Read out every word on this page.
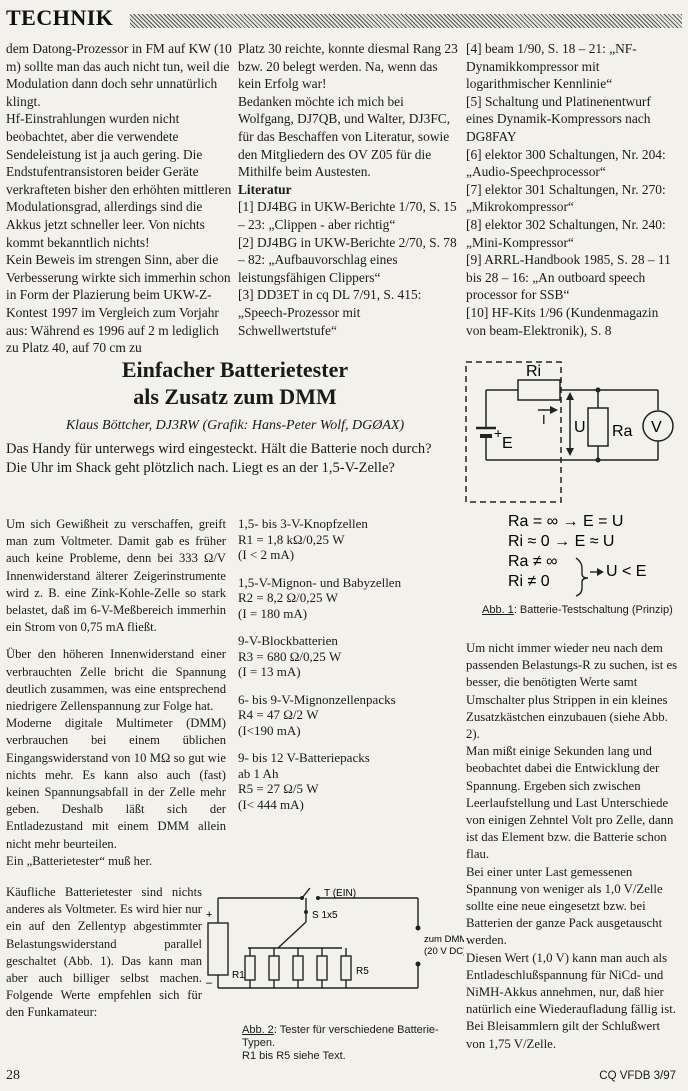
TECHNIK

dem Datong-Prozessor in FM auf KW (10 m) sollte man das auch nicht tun, weil die Modulation dann doch sehr unnatürlich klingt.

Hf-Einstrahlungen wurden nicht beobachtet, aber die verwendete Sendeleistung ist ja auch gering. Die Endstufentransistoren beider Geräte verkrafteten bisher den erhöhten mittleren Modulationsgrad, allerdings sind die Akkus jetzt schneller leer. Von nichts kommt bekanntlich nichts!

Kein Beweis im strengen Sinn, aber die Verbesserung wirkte sich immerhin schon in Form der Plazierung beim UKW-Z-Kontest 1997 im Vergleich zum Vorjahr aus: Während es 1996 auf 2 m lediglich zu Platz 40, auf 70 cm zu

Platz 30 reichte, konnte diesmal Rang 23 bzw. 20 belegt werden. Na, wenn das kein Erfolg war!

Bedanken möchte ich mich bei Wolfgang, DJ7QB, und Walter, DJ3FC, für das Beschaffen von Literatur, sowie den Mitgliedern des OV Z05 für die Mithilfe beim Austesten.

Literatur

[1] DJ4BG in UKW-Berichte 1/70, S. 15 – 23: „Clippen - aber richtig“

[2] DJ4BG in UKW-Berichte 2/70, S. 78 – 82: „Aufbauvorschlag eines leistungsfähigen Clippers“

[3] DD3ET in cq DL 7/91, S. 415: „Speech-Prozessor mit Schwellwertstufe“

[4] beam 1/90, S. 18 – 21: „NF-Dynamikkompressor mit logarithmischer Kennlinie“

[5] Schaltung und Platinenentwurf eines Dynamik-Kompressors nach DG8FAY

[6] elektor 300 Schaltungen, Nr. 204: „Audio-Speechprocessor“

[7] elektor 301 Schaltungen, Nr. 270: „Mikrokompressor“

[8] elektor 302 Schaltungen, Nr. 240: „Mini-Kompressor“

[9] ARRL-Handbook 1985, S. 28 – 11 bis 28 – 16: „An outboard speech processor for SSB“

[10] HF-Kits 1/96 (Kundenmagazin von beam-Elektronik), S. 8

Einfacher Batterietester
als Zusatz zum DMM
Klaus Böttcher, DJ3RW (Grafik: Hans-Peter Wolf, DGØAX)
Das Handy für unterwegs wird eingesteckt. Hält die Batterie noch durch?
Die Uhr im Shack geht plötzlich nach. Liegt es an der 1,5-V-Zelle?

Um sich Gewißheit zu verschaffen, greift man zum Voltmeter. Damit gab es früher auch keine Probleme, denn bei 333 Ω/V Innenwiderstand älterer Zeigerinstrumente wird z. B. eine Zink-Kohle-Zelle so stark belastet, daß im 6-V-Meßbereich immerhin ein Strom von 0,75 mA fließt.

Über den höheren Innenwiderstand einer verbrauchten Zelle bricht die Spannung deutlich zusammen, was eine entsprechend niedrigere Zellenspannung zur Folge hat.

Moderne digitale Multimeter (DMM) verbrauchen bei einem üblichen Eingangswiderstand von 10 MΩ so gut wie nichts mehr. Es kann also auch (fast) keinen Spannungsabfall in der Zelle mehr geben. Deshalb läßt sich der Entladezustand mit einem DMM allein nicht mehr beurteilen.

Ein „Batterietester“ muß her.

Käufliche Batterietester sind nichts anderes als Voltmeter. Es wird hier nur ein auf den Zellentyp abgestimmter Belastungswiderstand parallel geschaltet (Abb. 1). Das kann man aber auch billiger selbst machen. Folgende Werte empfehlen sich für den Funkamateur:

1,5- bis 3-V-Knopfzellen
R1 = 1,8 kΩ/0,25 W
(I < 2 mA)

1,5-V-Mignon- und Babyzellen
R2 = 8,2 Ω/0,25 W
(I = 180 mA)

9-V-Blockbatterien
R3 = 680 Ω/0,25 W
(I = 13 mA)

6- bis 9-V-Mignonzellenpacks
R4 = 47 Ω/2 W
(I<190 mA)

9- bis 12 V-Batteriepacks
ab 1 Ah
R5 = 27 Ω/5 W
(I< 444 mA)

Ri
+
E
U Ra V
I
Ra = ∞ → E = U
Ri ≈ 0 → E ≈ U
Ra ≠ ∞
Ri ≠ 0
U < E
Abb. 1: Batterie-Testschaltung (Prinzip)

Um nicht immer wieder neu nach dem passenden Belastungs-R zu suchen, ist es besser, die benötigten Werte samt Umschalter plus Strippen in ein kleines Zusatzkästchen einzubauen (siehe Abb. 2).

Man mißt einige Sekunden lang und beobachtet dabei die Entwicklung der Spannung. Ergeben sich zwischen Leerlaufstellung und Last Unterschiede von einigen Zehntel Volt pro Zelle, dann ist das Element bzw. die Batterie schon flau.

Bei einer unter Last gemessenen Spannung von weniger als 1,0 V/Zelle sollte eine neue eingesetzt bzw. bei Batterien der ganze Pack ausgetauscht werden.

Diesen Wert (1,0 V) kann man auch als Entladeschlußspannung für NiCd- und NiMH-Akkus annehmen, nur, daß hier natürlich eine Wiederaufladung fällig ist. Bei Bleisammlern gilt der Schlußwert von 1,75 V/Zelle.

T (EIN)
S 1x5
zum DMM
(20 V DC)
R1	R5
+
–
Abb. 2: Tester für verschiedene Batterie-Typen.
R1 bis R5 siehe Text.
28	CQ VFDB 3/97
